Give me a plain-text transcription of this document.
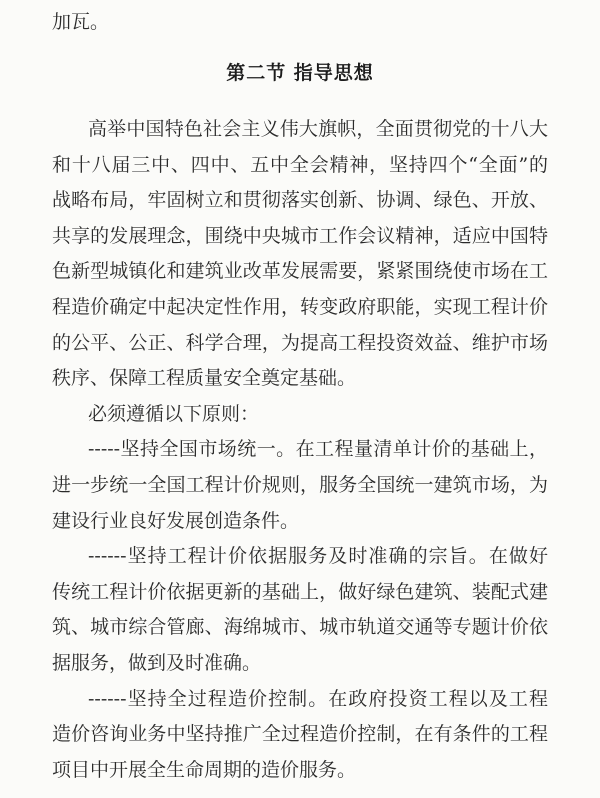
加瓦。
第二节 指导思想
高举中国特色社会主义伟大旗帜，全面贯彻党的十八大
和十八届三中、四中、五中全会精神，坚持四个“全面”的
战略布局，牢固树立和贯彻落实创新、协调、绿色、开放、
共享的发展理念，围绕中央城市工作会议精神，适应中国特
色新型城镇化和建筑业改革发展需要，紧紧围绕使市场在工
程造价确定中起决定性作用，转变政府职能，实现工程计价
的公平、公正、科学合理，为提高工程投资效益、维护市场
秩序、保障工程质量安全奠定基础。
必须遵循以下原则：
-----坚持全国市场统一。在工程量清单计价的基础上，
进一步统一全国工程计价规则，服务全国统一建筑市场，为
建设行业良好发展创造条件。
------坚持工程计价依据服务及时准确的宗旨。在做好
传统工程计价依据更新的基础上，做好绿色建筑、装配式建
筑、城市综合管廊、海绵城市、城市轨道交通等专题计价依
据服务，做到及时准确。
------坚持全过程造价控制。在政府投资工程以及工程
造价咨询业务中坚持推广全过程造价控制，在有条件的工程
项目中开展全生命周期的造价服务。
